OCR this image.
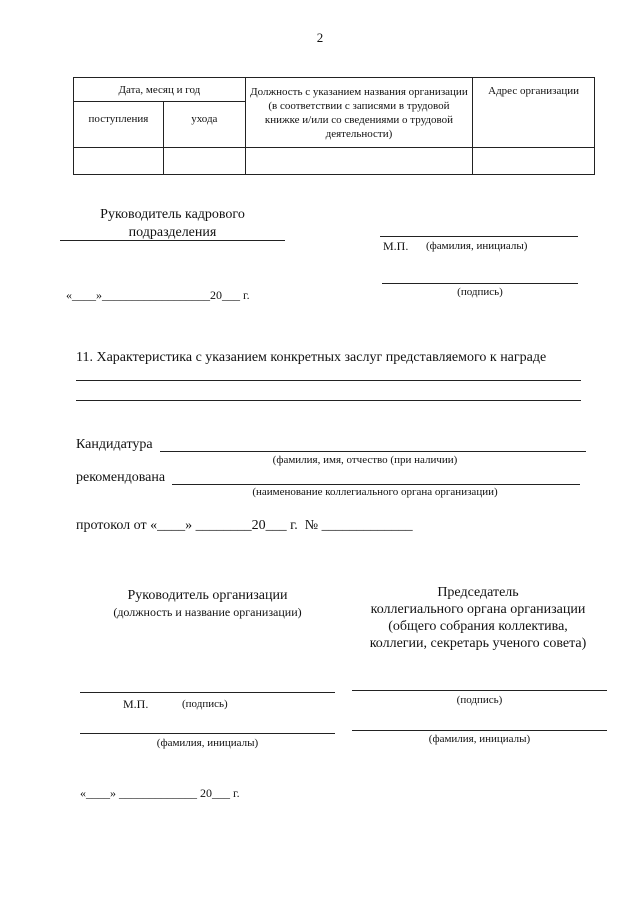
2
Дата, месяц и год		Должность с указанием названия организации (в соответствии с записями в трудовой книжке и/или со сведениями о трудовой деятельности)	Адрес организации
поступления	ухода		

Руководитель кадрового
подразделения
М.П. (фамилия, инициалы)
«____»__________________20___ г.	(подпись)
11. Характеристика с указанием конкретных заслуг представляемого к награде
Кандидатура
(фамилия, имя, отчество (при наличии)
рекомендована
(наименование коллегиального органа организации)
протокол от «____» ________20___ г.  № _____________
Руководитель организации
(должность и название организации)
М.П.	(подпись)
(фамилия, инициалы)
Председатель
коллегиального органа организации
(общего собрания коллектива,
коллегии, секретарь ученого совета)
(подпись)
(фамилия, инициалы)
«____» _____________ 20___ г.
